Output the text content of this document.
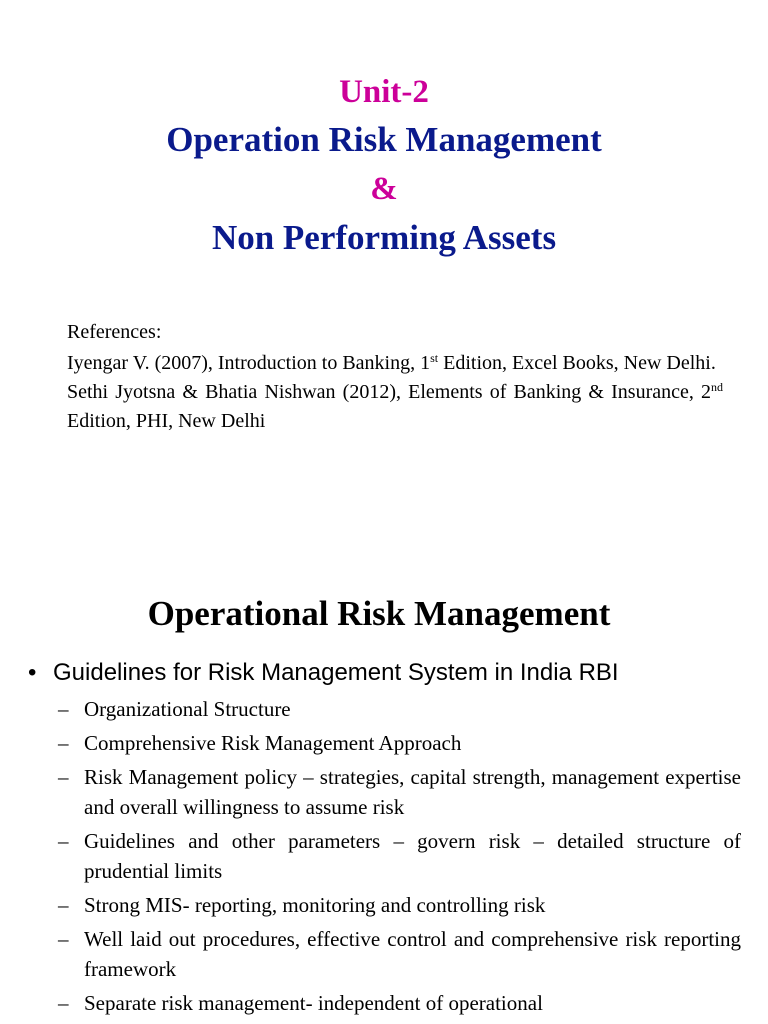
Unit-2
Operation Risk Management
&
Non Performing Assets

References:

Iyengar V. (2007), Introduction to Banking, 1st Edition, Excel Books, New Delhi.

Sethi Jyotsna & Bhatia Nishwan (2012), Elements of Banking & Insurance, 2nd Edition, PHI, New Delhi

Operational Risk Management
• Guidelines for Risk Management System in India RBI
– Organizational Structure
– Comprehensive Risk Management Approach
– Risk Management policy – strategies, capital strength, management expertise and overall willingness to assume risk
– Guidelines and other parameters – govern risk – detailed structure of prudential limits
– Strong MIS- reporting, monitoring and controlling risk
– Well laid out procedures, effective control and comprehensive risk reporting framework
– Separate risk management- independent of operational
